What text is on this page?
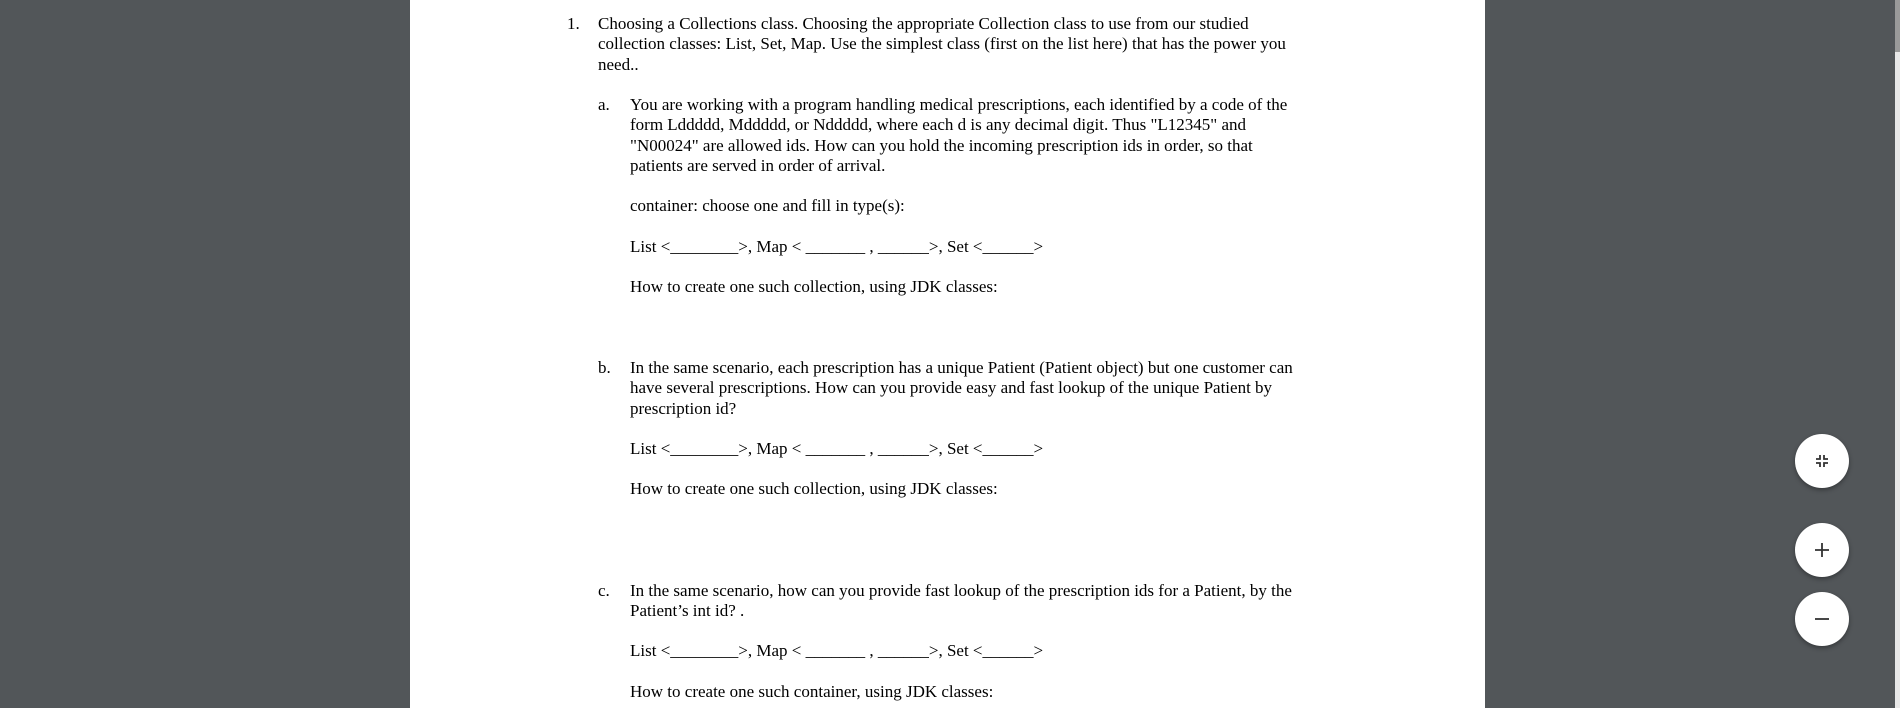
1. Choosing a Collections class. Choosing the appropriate Collection class to use from our studied
collection classes: List, Set, Map. Use the simplest class (first on the list here) that has the power you
need..
a. You are working with a program handling medical prescriptions, each identified by a code of the
form Lddddd, Mddddd, or Nddddd, where each d is any decimal digit. Thus "L12345" and
"N00024" are allowed ids. How can you hold the incoming prescription ids in order, so that
patients are served in order of arrival.
container: choose one and fill in type(s):
List <________>, Map < _______ , ______>, Set <______>
How to create one such collection, using JDK classes:
b. In the same scenario, each prescription has a unique Patient (Patient object) but one customer can
have several prescriptions. How can you provide easy and fast lookup of the unique Patient by
prescription id?
List <________>, Map < _______ , ______>, Set <______>
How to create one such collection, using JDK classes:
c. In the same scenario, how can you provide fast lookup of the prescription ids for a Patient, by the
Patient’s int id? .
List <________>, Map < _______ , ______>, Set <______>
How to create one such container, using JDK classes:
